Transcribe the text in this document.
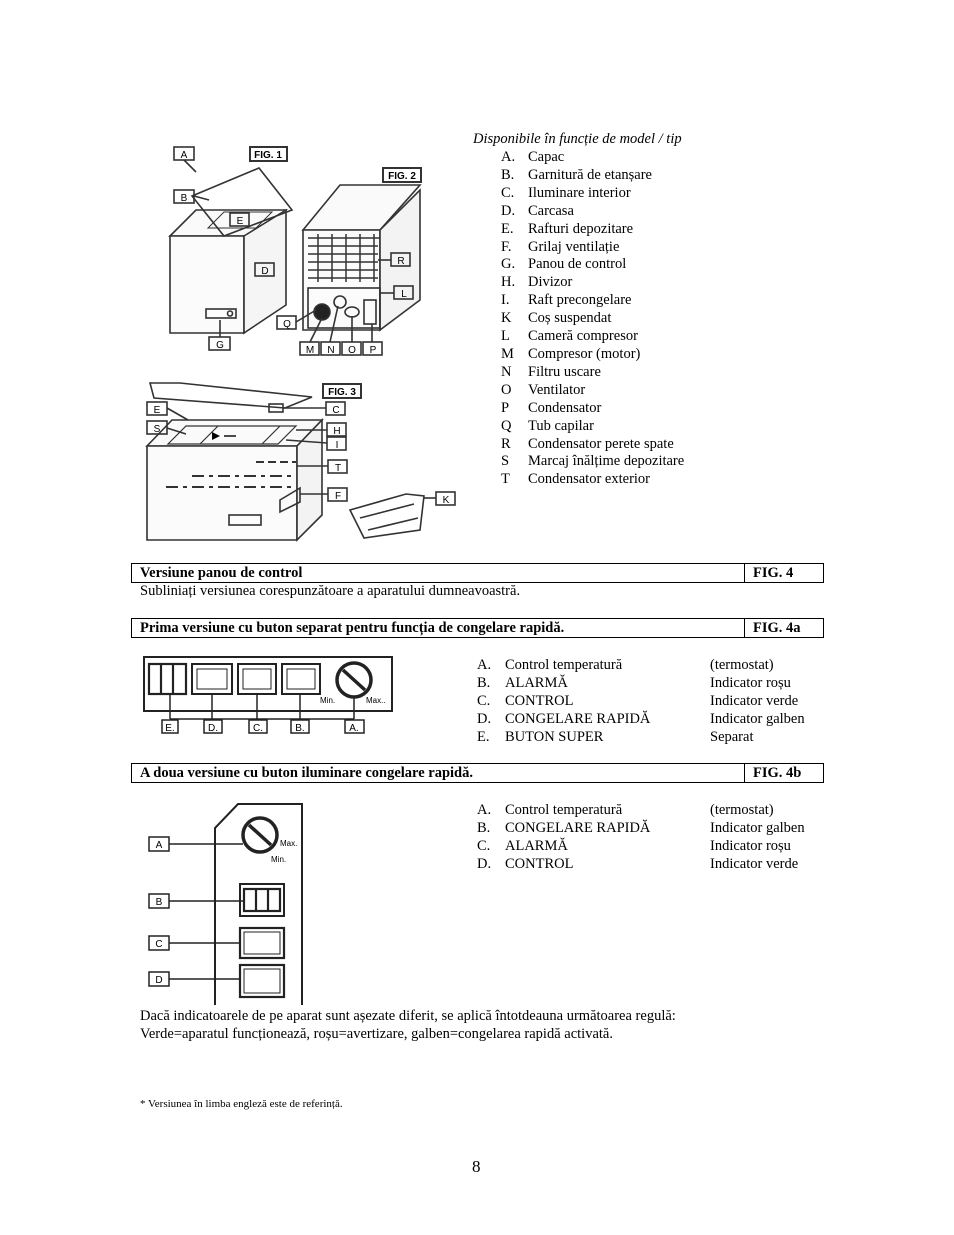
FIG. 1
FIG. 2
FIG. 3
A
B
E
D
G
R
L
Q
M N O P
E
S
C
H
I
T
F	K
Disponibile în funcție de model / tip
A. Capac
B. Garnitură de etanșare
C. Iluminare interior
D. Carcasa
E.	Rafturi depozitare
F.	Grilaj ventilație
G. Panou de control
H. Divizor
I.	Raft precongelare
K	Coș suspendat
L	Cameră compresor
M Compresor (motor)
N	Filtru uscare
O	Ventilator
P	Condensator
Q	Tub capilar
R	Condensator perete spate
S	Marcaj înălțime depozitare
T	Condensator exterior
Versiune panou de control	FIG. 4
Subliniați versiunea corespunzătoare a aparatului dumneavoastră.
Prima versiune cu buton separat pentru funcția de congelare rapidă.	FIG. 4a
Min.	Max..
E.	D.	C.	B.	A.
A. Control temperatură	(termostat)
B.	ALARMĂ	Indicator roșu
C.	CONTROL	Indicator verde
D. CONGELARE RAPIDĂ	Indicator galben
E.	BUTON SUPER	Separat
A doua versiune cu buton iluminare congelare rapidă.	FIG. 4b
Max.
Min.
A
B
C
D
A. Control temperatură	(termostat)
B.	CONGELARE RAPIDĂ	Indicator galben
C.	ALARMĂ	Indicator roșu
D. CONTROL	Indicator verde
Dacă indicatoarele de pe aparat sunt așezate diferit, se aplică întotdeauna următoarea regulă:
Verde=aparatul funcționează, roșu=avertizare, galben=congelarea rapidă activată.
* Versiunea în limba engleză este de referință.
8
